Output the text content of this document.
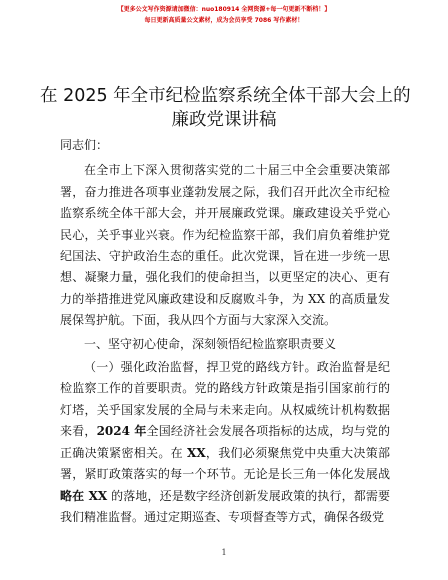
【更多公文写作资源请加微信：nuo180914 全网资源+每一句更新不断档！】
每日更新高质量公文素材，成为会员享受 7086 写作素材！
在 2025 年全市纪检监察系统全体干部大会上的
廉政党课讲稿

同志们：

在全市上下深入贯彻落实党的二十届三中全会重要决策部署，奋力推进各项事业蓬勃发展之际，我们召开此次全市纪检监察系统全体干部大会，并开展廉政党课。廉政建设关乎党心民心，关乎事业兴衰。作为纪检监察干部，我们肩负着维护党纪国法、守护政治生态的重任。此次党课，旨在进一步统一思想、凝聚力量，强化我们的使命担当，以更坚定的决心、更有力的举措推进党风廉政建设和反腐败斗争，为 XX 的高质量发展保驾护航。下面，我从四个方面与大家深入交流。

一、坚守初心使命，深刻领悟纪检监察职责要义

（一）强化政治监督，捍卫党的路线方针。政治监督是纪检监察工作的首要职责。党的路线方针政策是指引国家前行的灯塔，关乎国家发展的全局与未来走向。从权威统计机构数据来看，2024 年全国经济社会发展各项指标的达成，均与党的正确决策紧密相关。在 XX，我们必须聚焦党中央重大决策部署，紧盯政策落实的每一个环节。无论是长三角一体化发展战略在 XX 的落地，还是数字经济创新发展政策的执行，都需要我们精准监督。通过定期巡查、专项督查等方式，确保各级党

1
